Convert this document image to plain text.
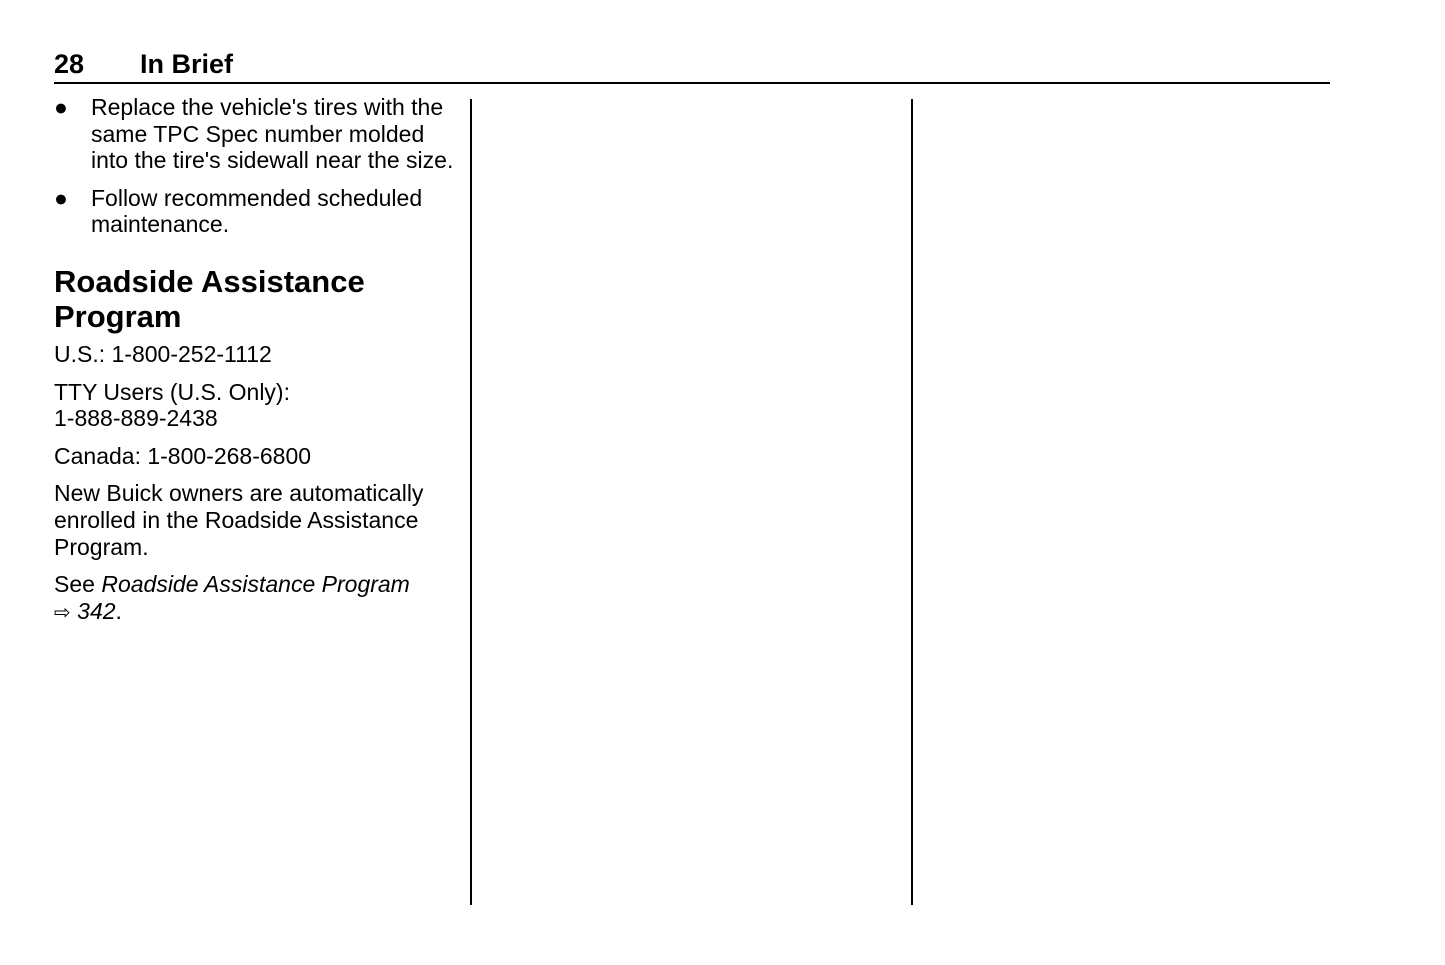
28 In Brief
● Replace the vehicle's tires with the same TPC Spec number molded into the tire's sidewall near the size.
● Follow recommended scheduled maintenance.
Roadside Assistance Program

U.S.: 1-800-252-1112

TTY Users (U.S. Only):
1-888-889-2438

Canada: 1-800-268-6800

New Buick owners are automatically enrolled in the Roadside Assistance Program.

See Roadside Assistance Program
⇨ 342.
